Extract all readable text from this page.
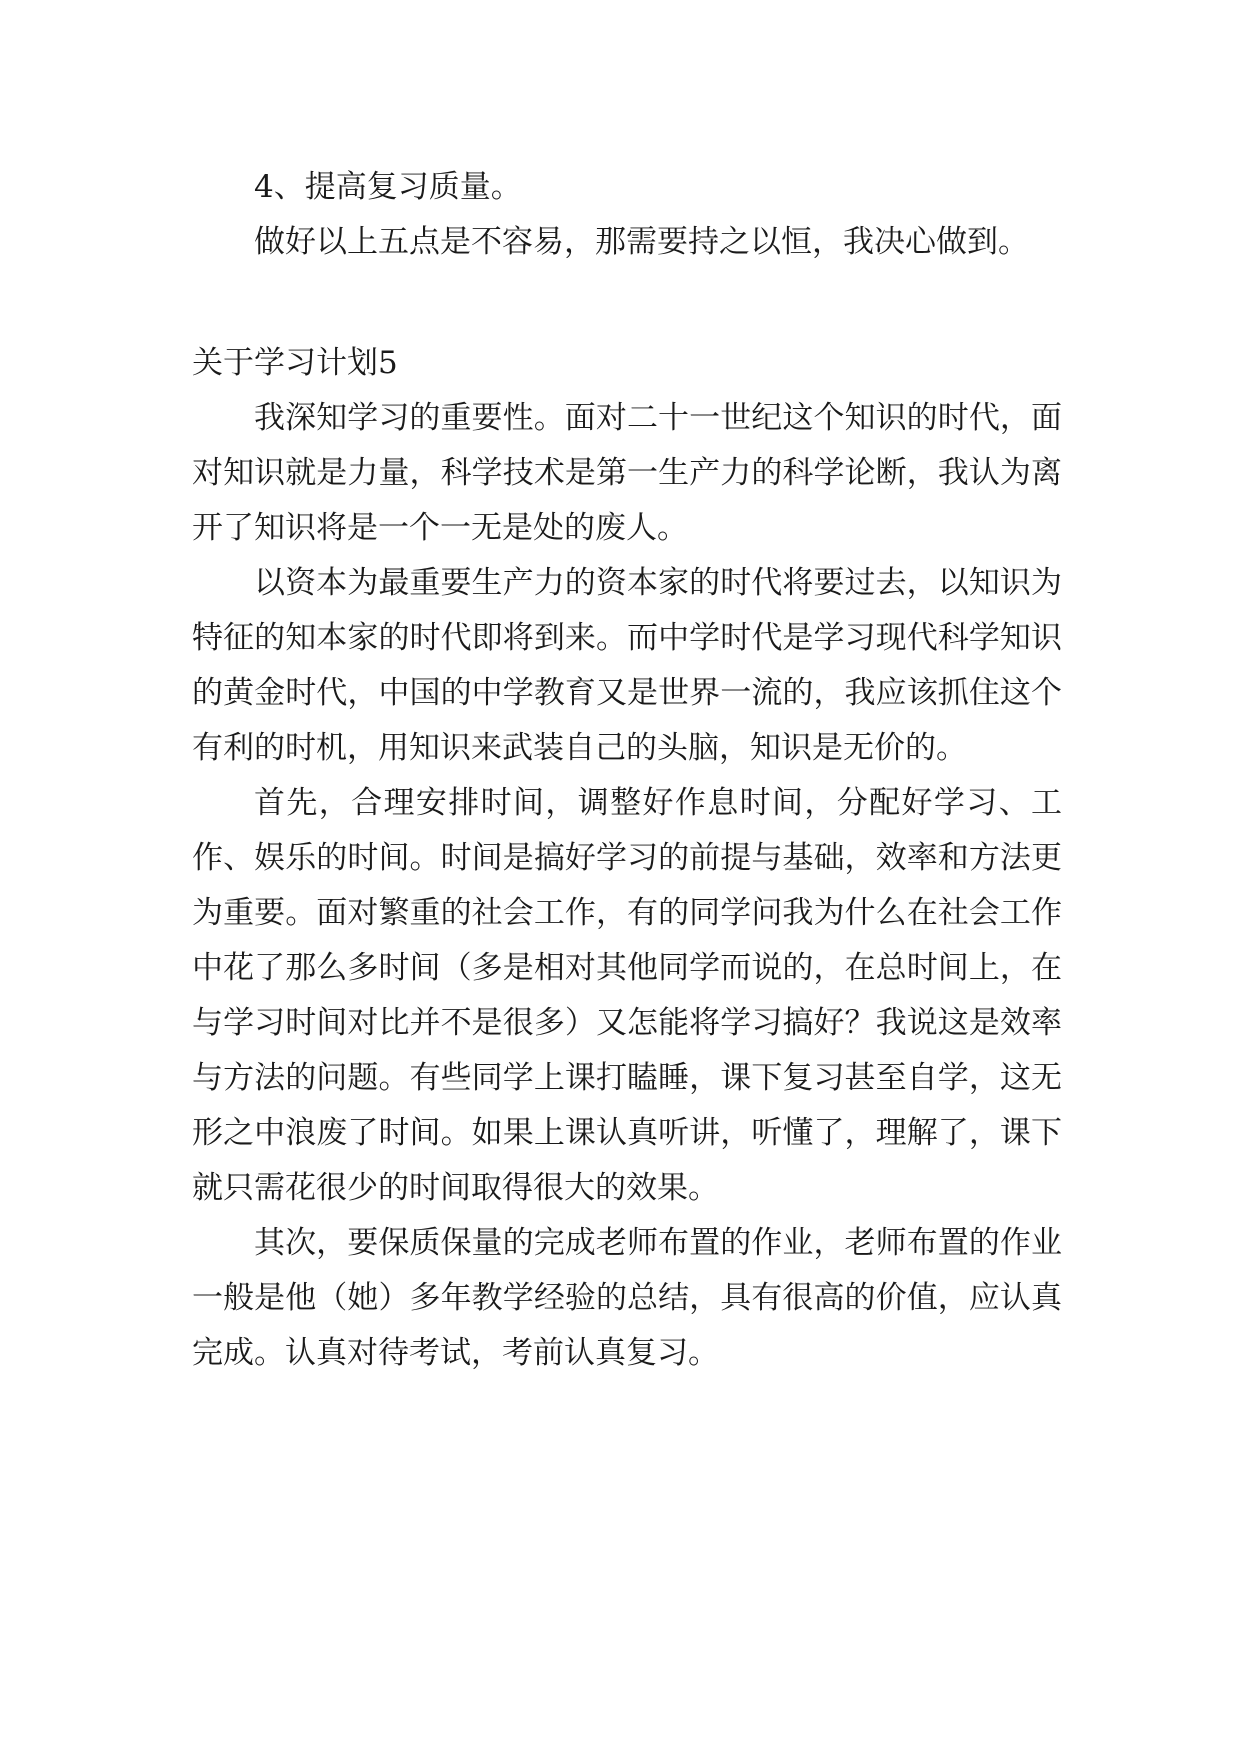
4、提高复习质量。

做好以上五点是不容易，那需要持之以恒，我决心做到。

关于学习计划5

我深知学习的重要性。面对二十一世纪这个知识的时代，面对知识就是力量，科学技术是第一生产力的科学论断，我认为离开了知识将是一个一无是处的废人。

以资本为最重要生产力的资本家的时代将要过去，以知识为特征的知本家的时代即将到来。而中学时代是学习现代科学知识的黄金时代，中国的中学教育又是世界一流的，我应该抓住这个有利的时机，用知识来武装自己的头脑，知识是无价的。

首先，合理安排时间，调整好作息时间，分配好学习、工作、娱乐的时间。时间是搞好学习的前提与基础，效率和方法更为重要。面对繁重的社会工作，有的同学问我为什么在社会工作中花了那么多时间（多是相对其他同学而说的，在总时间上，在与学习时间对比并不是很多）又怎能将学习搞好？我说这是效率与方法的问题。有些同学上课打瞌睡，课下复习甚至自学，这无形之中浪废了时间。如果上课认真听讲，听懂了，理解了，课下就只需花很少的时间取得很大的效果。

其次，要保质保量的完成老师布置的作业，老师布置的作业一般是他（她）多年教学经验的总结，具有很高的价值，应认真完成。认真对待考试，考前认真复习。
